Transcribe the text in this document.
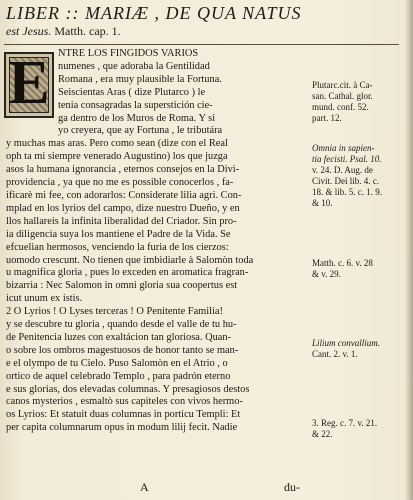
LIBER :: MARIÆ , DE QUA NATUS
est Jesus. Matth. cap. 1.
E NTRE LOS FINGIDOS VARIOS
numenes , que adoraba la Gentilidad
Romana , era muy plausible la Fortuna.
Seiscientas Aras ( dize Plutarco ) le
tenia consagradas la superstición cie-
ga dentro de los Muros de Roma. Y si
yo creyera, que ay Fortuna , le tributára
y muchas mas aras. Pero como sean (dize con el Real
oph ta mi siempre venerado Augustino) los que juzga
asos la humana ignorancia , eternos consejos en la Divi-
providencia , ya que no me es possible conocerlos , fa-
ificarè mi fee, con adorarlos: Considerate lilia agri. Con-
mplad en los lyrios del campo, dize nuestro Dueño, y en
llos hallareis la infinita liberalidad del Criador. Sin pro-
ia diligencia suya los mantiene el Padre de la Vida. Se
efcuelian hermosos, venciendo la furia de los cierzos:
uomodo crescunt. No tienen que imbidiarle à Salomòn toda
u magnifica gloria , pues lo exceden en aromatica fragran-
bizarria : Nec Salomon in omni gloria sua coopertus est
icut unum ex istis.
2 O Lyrios ! O Lyses terceras ! O Penitente Familia!
y se descubre tu gloria , quando desde el valle de tu hu-
de Penitencia luzes con exaltácion tan gloriosa. Quan-
o sobre los ombros magestuosos de honor tanto se man-
e el olympo de tu Cielo. Puso Salomòn en el Atrio , o
ortico de aquel celebrado Templo , para padrón eterno
e sus glorias, dos elevadas columnas. Y presagiosos destos
canos mysterios , esmaltò sus capiteles con vivos hermo-
os Lyrios: Et statuit duas columnas in porticu Templi: Et
per capita columnarum opus in modum lilij fecit. Nadie
Plutarc.cit. à Ca-
san. Cathal. glor.
mund. conf. 52.
part. 12.
Omnia in sapien-
tia fecisti. Psal. 10.
v. 24. D. Aug. de
Civit. Dei lib. 4. c.
18. & lib. 5. c. 1. 9.
& 10.
Matth. c. 6. v. 28
& v. 29.
Lilium convallium.
Cant. 2. v. 1.
3. Reg. c. 7. v. 21.
& 22.
A	du-
